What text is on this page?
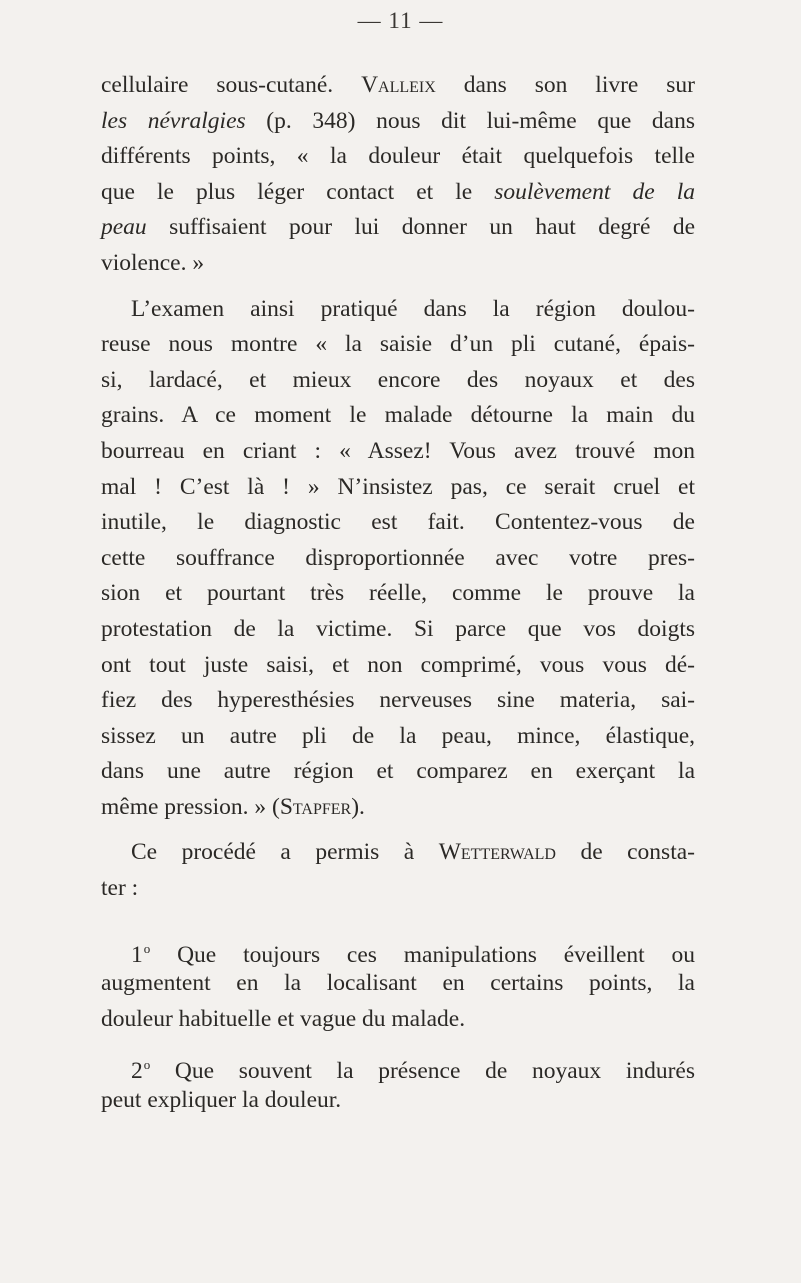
— 11 —
cellulaire sous-cutané. Valleix dans son livre sur
les névralgies (p. 348) nous dit lui-même que dans
différents points, « la douleur était quelquefois telle
que le plus léger contact et le soulèvement de la
peau suffisaient pour lui donner un haut degré de
violence. »
L’examen ainsi pratiqué dans la région doulou-
reuse nous montre « la saisie d’un pli cutané, épais-
si, lardacé, et mieux encore des noyaux et des
grains. A ce moment le malade détourne la main du
bourreau en criant : « Assez! Vous avez trouvé mon
mal ! C’est là ! » N’insistez pas, ce serait cruel et
inutile, le diagnostic est fait. Contentez-vous de
cette souffrance disproportionnée avec votre pres-
sion et pourtant très réelle, comme le prouve la
protestation de la victime. Si parce que vos doigts
ont tout juste saisi, et non comprimé, vous vous dé-
fiez des hyperesthésies nerveuses sine materia, sai-
sissez un autre pli de la peau, mince, élastique,
dans une autre région et comparez en exerçant la
même pression. » (Stapfer).
Ce procédé a permis à Wetterwald de consta-
ter :
1$^o$ Que toujours ces manipulations éveillent ou
augmentent en la localisant en certains points, la
douleur habituelle et vague du malade.
2$^o$ Que souvent la présence de noyaux indurés
peut expliquer la douleur.
